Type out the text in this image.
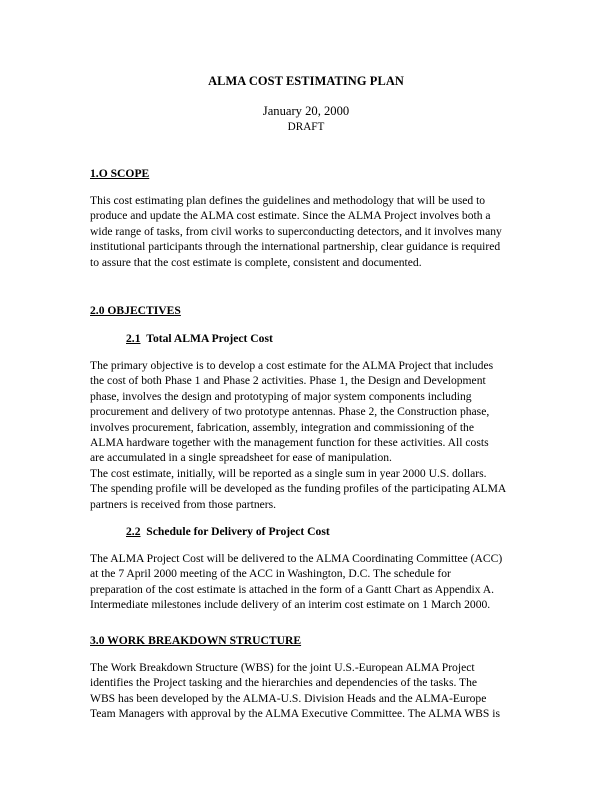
ALMA COST ESTIMATING PLAN
January 20, 2000
DRAFT
1.O SCOPE
This cost estimating plan defines the guidelines and methodology that will be used to
produce and update the ALMA cost estimate. Since the ALMA Project involves both a
wide range of tasks, from civil works to superconducting detectors, and it involves many
institutional participants through the international partnership, clear guidance is required
to assure that the cost estimate is complete, consistent and documented.
2.0 OBJECTIVES
2.1 Total ALMA Project Cost
The primary objective is to develop a cost estimate for the ALMA Project that includes
the cost of both Phase 1 and Phase 2 activities. Phase 1, the Design and Development
phase, involves the design and prototyping of major system components including
procurement and delivery of two prototype antennas. Phase 2, the Construction phase,
involves procurement, fabrication, assembly, integration and commissioning of the
ALMA hardware together with the management function for these activities. All costs
are accumulated in a single spreadsheet for ease of manipulation.
The cost estimate, initially, will be reported as a single sum in year 2000 U.S. dollars.
The spending profile will be developed as the funding profiles of the participating ALMA
partners is received from those partners.
2.2 Schedule for Delivery of Project Cost
The ALMA Project Cost will be delivered to the ALMA Coordinating Committee (ACC)
at the 7 April 2000 meeting of the ACC in Washington, D.C. The schedule for
preparation of the cost estimate is attached in the form of a Gantt Chart as Appendix A.
Intermediate milestones include delivery of an interim cost estimate on 1 March 2000.
3.0 WORK BREAKDOWN STRUCTURE
The Work Breakdown Structure (WBS) for the joint U.S.-European ALMA Project
identifies the Project tasking and the hierarchies and dependencies of the tasks. The
WBS has been developed by the ALMA-U.S. Division Heads and the ALMA-Europe
Team Managers with approval by the ALMA Executive Committee. The ALMA WBS is
